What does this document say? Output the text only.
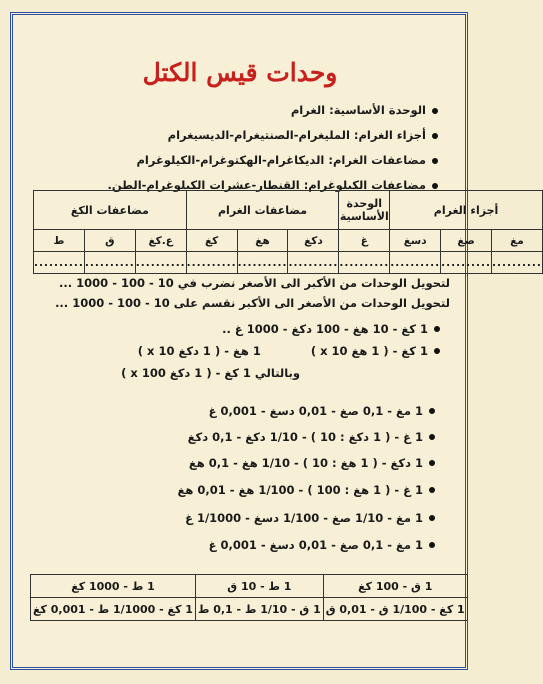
وحدات قيس الكتل
الوحدة الأساسية: الغرام
أجزاء الغرام: المليغرام-الصنتيغرام-الديسيغرام
مضاعفات الغرام: الديكاغرام-الهكتوغرام-الكيلوغرام
مضاعفات الكيلوغرام: القنطار-عشرات الكيلوغرام-الطن.
أجزاء الغرام			الوحدة الأساسية	مضاعفات الغرام			مضاعفات الكغ		
مغ	صغ	دسغ	غ	دكغ	هغ	كغ	ع.كغ	ق	ط
..........	..........	..........	..........	..........	..........	..........	..........	..........	..........
لتحويل الوحدات من الأكبر الى الأصغر نضرب في 10 - 100 - 1000 ...
لتحويل الوحدات من الأصغر الى الأكبر نقسم على 10 - 100 - 1000 ...
1 كغ - 10 هغ - 100 دكغ - 1000 غ ..
1 كغ - ( 1 هغ x 10 )
1 هغ - ( 1 دكغ x 10 )
وبالتالي 1 كغ - ( 1 دكغ x 100 )
1 مغ - 0,1 صغ - 0,01 دسغ - 0,001 غ
1 غ - ( 1 دكغ : 10 ) - 1/10 دكغ - 0,1 دكغ
1 دكغ - ( 1 هغ : 10 ) - 1/10 هغ - 0,1 هغ
1 غ - ( 1 هغ : 100 ) - 1/100 هغ - 0,01 هغ
1 مغ - 1/10 صغ - 1/100 دسغ - 1/1000 غ
1 مغ - 0,1 صغ - 0,01 دسغ - 0,001 غ
1 ق - 100 كغ	1 ط - 10 ق	1 ط - 1000 كغ
1 كغ - 1/100 ق - 0,01 ق	1 ق - 1/10 ط - 0,1 ط	1 كغ - 1/1000 ط - 0,001 كغ
